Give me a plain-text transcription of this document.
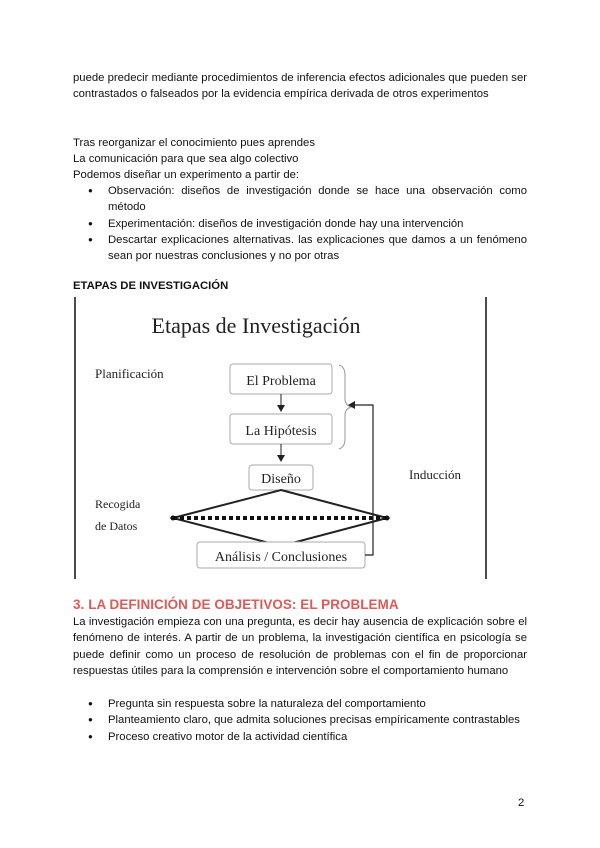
puede predecir mediante procedimientos de inferencia efectos adicionales que pueden ser contrastados o falseados por la evidencia empírica derivada de otros experimentos
Tras reorganizar el conocimiento pues aprendes
La comunicación para que sea algo colectivo
Podemos diseñar un experimento a partir de:
● Observación: diseños de investigación donde se hace una observación como método
● Experimentación: diseños de investigación donde hay una intervención
● Descartar explicaciones alternativas. las explicaciones que damos a un fenómeno sean por nuestras conclusiones y no por otras
ETAPAS DE INVESTIGACIÓN
Etapas de Investigación
Planificación
El Problema
La Hipótesis
Diseño	Inducción
Recogida
de Datos
Análisis / Conclusiones
3. LA DEFINICIÓN DE OBJETIVOS: EL PROBLEMA
La investigación empieza con una pregunta, es decir hay ausencia de explicación sobre el fenómeno de interés. A partir de un problema, la investigación científica en psicología se puede definir como un proceso de resolución de problemas con el fin de proporcionar respuestas útiles para la comprensión e intervención sobre el comportamiento humano
● Pregunta sin respuesta sobre la naturaleza del comportamiento
● Planteamiento claro, que admita soluciones precisas empíricamente contrastables
● Proceso creativo motor de la actividad científica
2
